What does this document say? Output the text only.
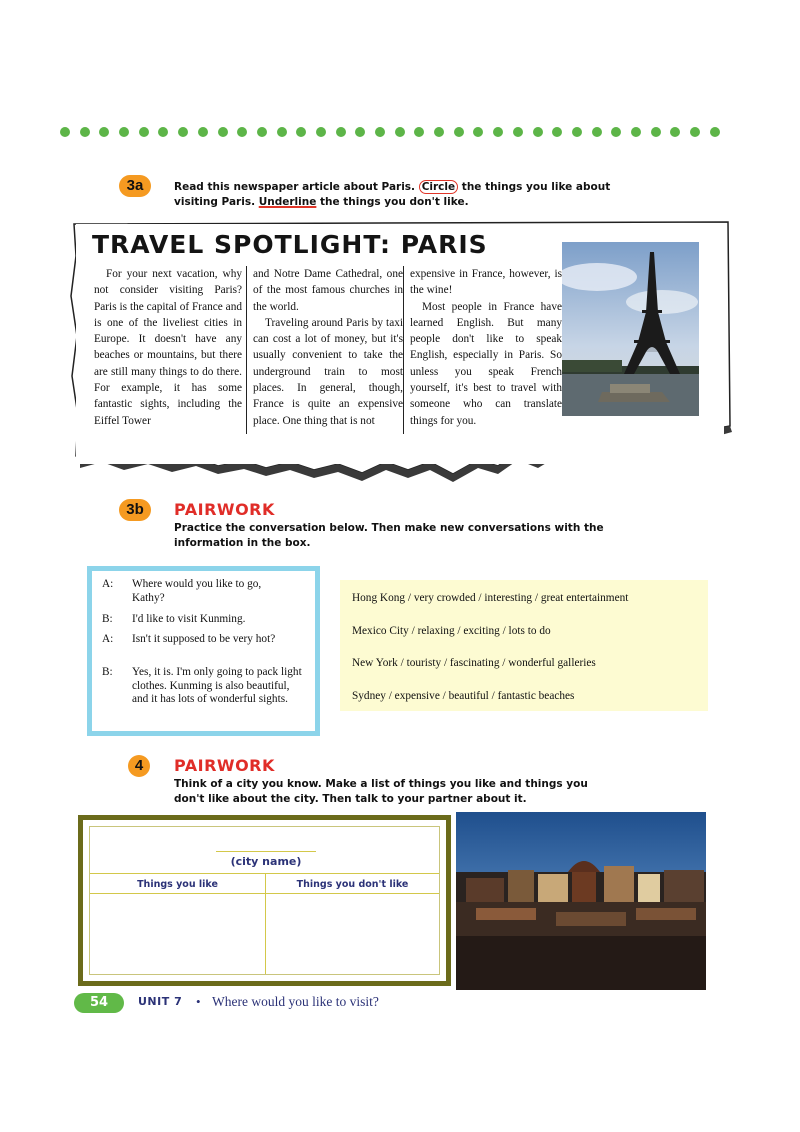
3a	Read this newspaper article about Paris. Circle the things you like about
visiting Paris. Underline the things you don't like.
TRAVEL SPOTLIGHT: PARIS

For your next vacation, why not consider visiting Paris? Paris is the capital of France and is one of the liveliest cities in Europe. It doesn't have any beaches or mountains, but there are still many things to do there. For example, it has some fantastic sights, including the Eiffel Tower

and Notre Dame Cathedral, one of the most famous churches in the world.

Traveling around Paris by taxi can cost a lot of money, but it's usually convenient to take the underground train to most places. In general, though, France is quite an expensive place. One thing that is not

expensive in France, however, is the wine!

Most people in France have learned English. But many people don't like to speak English, especially in Paris. So unless you speak French yourself, it's best to travel with someone who can translate things for you.

3b	PAIRWORK
Practice the conversation below. Then make new conversations with the
information in the box.
A:	Where would you like to go, Kathy?
B:	I'd like to visit Kunming.
A:	Isn't it supposed to be very hot?
B:	Yes, it is. I'm only going to pack light clothes. Kunming is also beautiful, and it has lots of wonderful sights.
Hong Kong / very crowded / interesting / great entertainment
Mexico City / relaxing / exciting / lots to do
New York / touristy / fascinating / wonderful galleries
Sydney / expensive / beautiful / fantastic beaches
4	PAIRWORK
Think of a city you know. Make a list of things you like and things you
don't like about the city. Then talk to your partner about it.
(city name)
Things you like	Things you don't like
54	UNIT 7 • Where would you like to visit?
